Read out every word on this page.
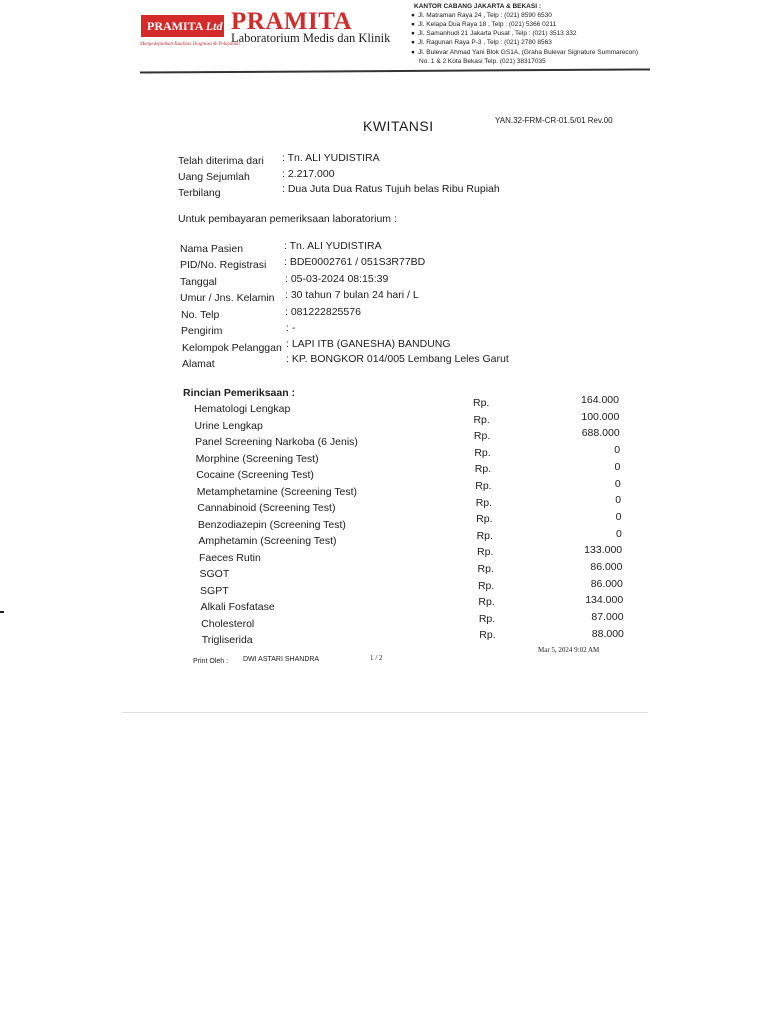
PRAMITA Ltd
Mengedepankan Kualitas Diagnosa & Pelayanan
PRAMITA
Laboratorium Medis dan Klinik
KANTOR CABANG JAKARTA & BEKASI :
● Jl. Matraman Raya 24 , Telp : (021) 8590 6530
● Jl. Kelapa Dua Raya 18 , Telp : (021) 5366 0211
● Jl. Samanhudi 21 Jakarta Pusat , Telp : (021) 3513 332
● Jl. Ragunan Raya P-3 , Telp : (021) 2780 8563
● Jl. Bulevar Ahmad Yani Blok GS1A, (Graha Bulevar Signature Summarecon)
No. 1 & 2 Kota Bekasi Telp. (021) 38317035
KWITANSI	YAN.32-FRM-CR-01.5/01 Rev.00
Telah diterima dari : Tn. ALI YUDISTIRA
Uang Sejumlah	: 2.217.000
Terbilang	: Dua Juta Dua Ratus Tujuh belas Ribu Rupiah
Untuk pembayaran pemeriksaan laboratorium :
Nama Pasien	: Tn. ALI YUDISTIRA
PID/No. Registrasi : BDE0002761 / 051S3R77BD
Tanggal	: 05-03-2024 08:15:39
Umur / Jns. Kelamin : 30 tahun 7 bulan 24 hari / L
No. Telp	: 081222825576
Pengirim	: -
Kelompok Pelanggan : LAPI ITB (GANESHA) BANDUNG
Alamat	: KP. BONGKOR 014/005 Lembang Leles Garut
Rincian Pemeriksaan :
Hematologi Lengkap	Rp.	164.000
Urine Lengkap	Rp.	100.000
Panel Screening Narkoba (6 Jenis)	Rp.	688.000
Morphine (Screening Test)	Rp.	0
Cocaine (Screening Test)	Rp.	0
Metamphetamine (Screening Test)	Rp.	0
Cannabinoid (Screening Test)	Rp.	0
Benzodiazepin (Screening Test)	Rp.	0
Amphetamin (Screening Test)	Rp.	0
Faeces Rutin	Rp.	133.000
SGOT	Rp.	86.000
SGPT	Rp.	86.000
Alkali Fosfatase	Rp.	134.000
Cholesterol	Rp.	87.000
Trigliserida	Rp.	88.000
Print Oleh : DWI ASTARI SHANDRA	1 / 2
Mar 5, 2024 9:02 AM
